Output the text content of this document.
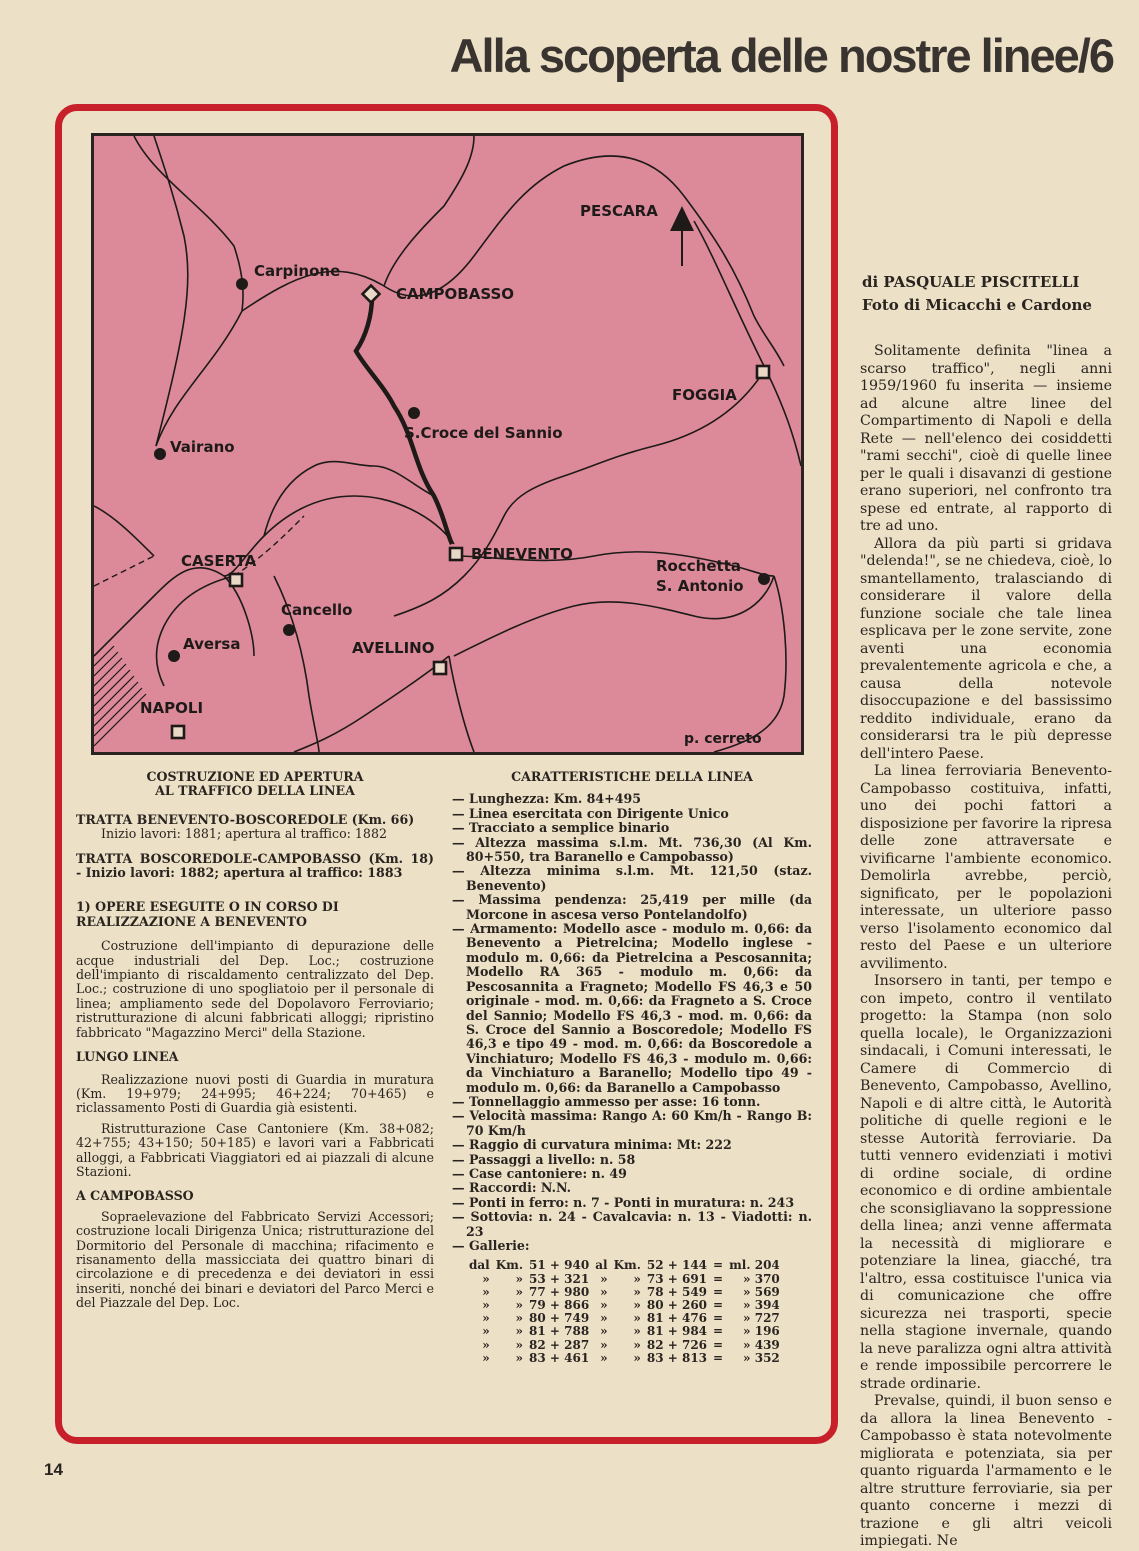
Alla scoperta delle nostre linee/6
PESCARA
Carpinone
CAMPOBASSO
FOGGIA
S.Croce del Sannio
Vairano
CASERTA	BENEVENTO
Rocchetta
S. Antonio
Cancello
Aversa	AVELLINO
NAPOLI
p. cerreto
COSTRUZIONE ED APERTURA
AL TRAFFICO DELLA LINEA
TRATTA BENEVENTO-BOSCOREDOLE (Km. 66)
Inizio lavori: 1881; apertura al traffico: 1882
TRATTA BOSCOREDOLE-CAMPOBASSO (Km. 18) - Inizio lavori: 1882; apertura al traffico: 1883
1) OPERE ESEGUITE O IN CORSO DI REALIZZAZIONE A BENEVENTO
Costruzione dell'impianto di depurazione delle acque industriali del Dep. Loc.; costruzione dell'impianto di riscaldamento centralizzato del Dep. Loc.; costruzione di uno spogliatoio per il personale di linea; ampliamento sede del Dopolavoro Ferroviario; ristrutturazione di alcuni fabbricati alloggi; ripristino fabbricato "Magazzino Merci" della Stazione.
LUNGO LINEA
Realizzazione nuovi posti di Guardia in muratura (Km. 19+979; 24+995; 46+224; 70+465) e riclassamento Posti di Guardia già esistenti.
Ristrutturazione Case Cantoniere (Km. 38+082; 42+755; 43+150; 50+185) e lavori vari a Fabbricati alloggi, a Fabbricati Viaggiatori ed ai piazzali di alcune Stazioni.
A CAMPOBASSO
Sopraelevazione del Fabbricato Servizi Accessori; costruzione locali Dirigenza Unica; ristrutturazione del Dormitorio del Personale di macchina; rifacimento e risanamento della massicciata dei quattro binari di circolazione e di precedenza e dei deviatori in essi inseriti, nonché dei binari e deviatori del Parco Merci e del Piazzale del Dep. Loc.
CARATTERISTICHE DELLA LINEA
— Lunghezza: Km. 84+495
— Linea esercitata con Dirigente Unico
— Tracciato a semplice binario
— Altezza massima s.l.m. Mt. 736,30 (Al Km. 80+550, tra Baranello e Campobasso)
— Altezza minima s.l.m. Mt. 121,50 (staz. Benevento)
— Massima pendenza: 25,419 per mille (da Morcone in ascesa verso Pontelandolfo)
— Armamento: Modello asce - modulo m. 0,66: da Benevento a Pietrelcina; Modello inglese - modulo m. 0,66: da Pietrelcina a Pescosannita; Modello RA 365 - modulo m. 0,66: da Pescosannita a Fragneto; Modello FS 46,3 e 50 originale - mod. m. 0,66: da Fragneto a S. Croce del Sannio; Modello FS 46,3 - mod. m. 0,66: da S. Croce del Sannio a Boscoredole; Modello FS 46,3 e tipo 49 - mod. m. 0,66: da Boscoredole a Vinchiaturo; Modello FS 46,3 - modulo m. 0,66: da Vinchiaturo a Baranello; Modello tipo 49 - modulo m. 0,66: da Baranello a Campobasso
— Tonnellaggio ammesso per asse: 16 tonn.
— Velocità massima: Rango A: 60 Km/h - Rango B: 70 Km/h
— Raggio di curvatura minima: Mt: 222
— Passaggi a livello: n. 58
— Case cantoniere: n. 49
— Raccordi: N.N.
— Ponti in ferro: n. 7 - Ponti in muratura: n. 243
— Sottovia: n. 24 - Cavalcavia: n. 13 - Viadotti: n. 23
— Gallerie:
dal	Km.	51 + 940	al	Km.	52 + 144	=	ml. 204
»	»	53 + 321	»	»	73 + 691	=	» 370
»	»	77 + 980	»	»	78 + 549	=	» 569
»	»	79 + 866	»	»	80 + 260	=	» 394
»	»	80 + 749	»	»	81 + 476	=	» 727
»	»	81 + 788	»	»	81 + 984	=	» 196
»	»	82 + 287	»	»	82 + 726	=	» 439
»	»	83 + 461	»	»	83 + 813	=	» 352
di PASQUALE PISCITELLI
Foto di Micacchi e Cardone
Solitamente definita "linea a scarso traffico", negli anni 1959/1960 fu inserita — insieme ad alcune altre linee del Compartimento di Napoli e della Rete — nell'elenco dei cosiddetti "rami secchi", cioè di quelle linee per le quali i disavanzi di gestione erano superiori, nel confronto tra spese ed entrate, al rapporto di tre ad uno.
Allora da più parti si gridava "delenda!", se ne chiedeva, cioè, lo smantellamento, tralasciando di considerare il valore della funzione sociale che tale linea esplicava per le zone servite, zone aventi una economia prevalentemente agricola e che, a causa della notevole disoccupazione e del bassissimo reddito individuale, erano da considerarsi tra le più depresse dell'intero Paese.
La linea ferroviaria Benevento-Campobasso costituiva, infatti, uno dei pochi fattori a disposizione per favorire la ripresa delle zone attraversate e vivificarne l'ambiente economico. Demolirla avrebbe, perciò, significato, per le popolazioni interessate, un ulteriore passo verso l'isolamento economico dal resto del Paese e un ulteriore avvilimento.
Insorsero in tanti, per tempo e con impeto, contro il ventilato progetto: la Stampa (non solo quella locale), le Organizzazioni sindacali, i Comuni interessati, le Camere di Commercio di Benevento, Campobasso, Avellino, Napoli e di altre città, le Autorità politiche di quelle regioni e le stesse Autorità ferroviarie. Da tutti vennero evidenziati i motivi di ordine sociale, di ordine economico e di ordine ambientale che sconsigliavano la soppressione della linea; anzi venne affermata la necessità di migliorare e potenziare la linea, giacché, tra l'altro, essa costituisce l'unica via di comunicazione che offre sicurezza nei trasporti, specie nella stagione invernale, quando la neve paralizza ogni altra attività e rende impossibile percorrere le strade ordinarie.
Prevalse, quindi, il buon senso e da allora la linea Benevento - Campobasso è stata notevolmente migliorata e potenziata, sia per quanto riguarda l'armamento e le altre strutture ferroviarie, sia per quanto concerne i mezzi di trazione e gli altri veicoli impiegati. Ne
14
